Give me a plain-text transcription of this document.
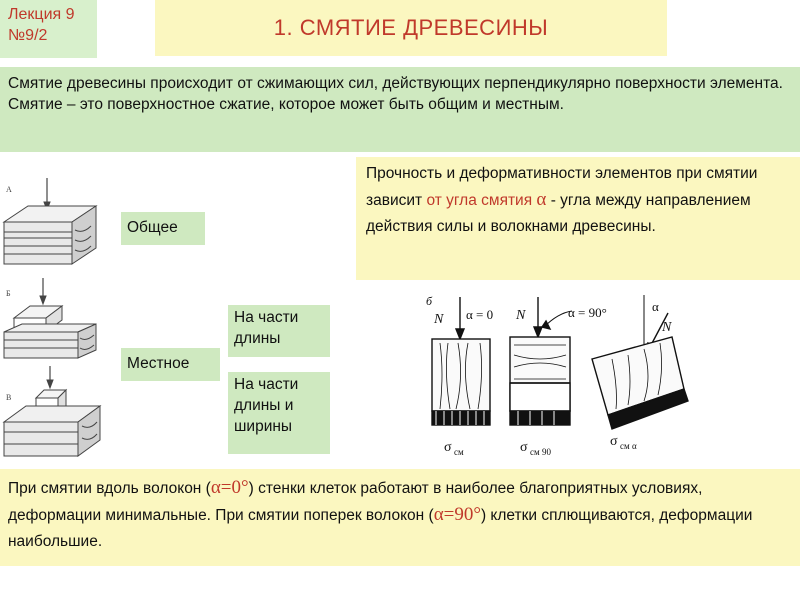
Лекция 9
№9/2	1. СМЯТИЕ ДРЕВЕСИНЫ
Смятие древесины происходит от сжимающих сил, действующих перпендикулярно поверхности элемента. Смятие – это поверхностное сжатие, которое может быть общим и местным.
Прочность и деформативности элементов при смятии зависит от угла смятия α - угла между направлением действия силы и волокнами древесины.
Общее
Местное
На части длины
На части длины и ширины
А
Б
В
б
N α = 0
σ см
N	α = 90°
σ см 90
α
N
σ см α
При смятии вдоль волокон (α=0°) стенки клеток работают в наиболее благоприятных условиях, деформации минимальные. При смятии поперек волокон (α=90°) клетки сплющиваются, деформации наибольшие.
